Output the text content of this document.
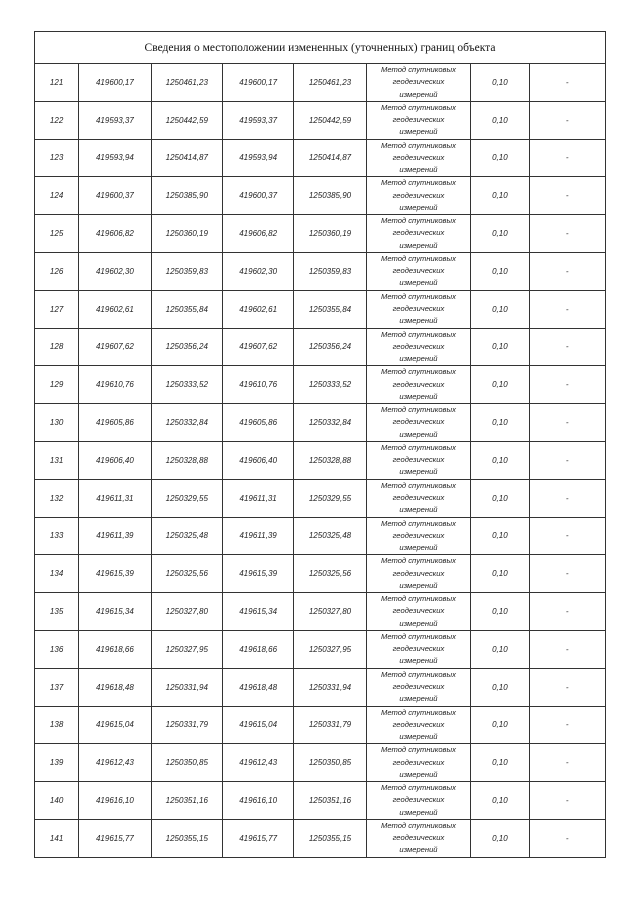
Сведения о местоположении измененных (уточненных) границ объекта							
121	419600,17	1250461,23	419600,17	1250461,23	Метод спутниковых
геодезических
измерений	0,10	-
122	419593,37	1250442,59	419593,37	1250442,59	Метод спутниковых
геодезических
измерений	0,10	-
123	419593,94	1250414,87	419593,94	1250414,87	Метод спутниковых
геодезических
измерений	0,10	-
124	419600,37	1250385,90	419600,37	1250385,90	Метод спутниковых
геодезических
измерений	0,10	-
125	419606,82	1250360,19	419606,82	1250360,19	Метод спутниковых
геодезических
измерений	0,10	-
126	419602,30	1250359,83	419602,30	1250359,83	Метод спутниковых
геодезических
измерений	0,10	-
127	419602,61	1250355,84	419602,61	1250355,84	Метод спутниковых
геодезических
измерений	0,10	-
128	419607,62	1250356,24	419607,62	1250356,24	Метод спутниковых
геодезических
измерений	0,10	-
129	419610,76	1250333,52	419610,76	1250333,52	Метод спутниковых
геодезических
измерений	0,10	-
130	419605,86	1250332,84	419605,86	1250332,84	Метод спутниковых
геодезических
измерений	0,10	-
131	419606,40	1250328,88	419606,40	1250328,88	Метод спутниковых
геодезических
измерений	0,10	-
132	419611,31	1250329,55	419611,31	1250329,55	Метод спутниковых
геодезических
измерений	0,10	-
133	419611,39	1250325,48	419611,39	1250325,48	Метод спутниковых
геодезических
измерений	0,10	-
134	419615,39	1250325,56	419615,39	1250325,56	Метод спутниковых
геодезических
измерений	0,10	-
135	419615,34	1250327,80	419615,34	1250327,80	Метод спутниковых
геодезических
измерений	0,10	-
136	419618,66	1250327,95	419618,66	1250327,95	Метод спутниковых
геодезических
измерений	0,10	-
137	419618,48	1250331,94	419618,48	1250331,94	Метод спутниковых
геодезических
измерений	0,10	-
138	419615,04	1250331,79	419615,04	1250331,79	Метод спутниковых
геодезических
измерений	0,10	-
139	419612,43	1250350,85	419612,43	1250350,85	Метод спутниковых
геодезических
измерений	0,10	-
140	419616,10	1250351,16	419616,10	1250351,16	Метод спутниковых
геодезических
измерений	0,10	-
141	419615,77	1250355,15	419615,77	1250355,15	Метод спутниковых
геодезических
измерений	0,10	-
